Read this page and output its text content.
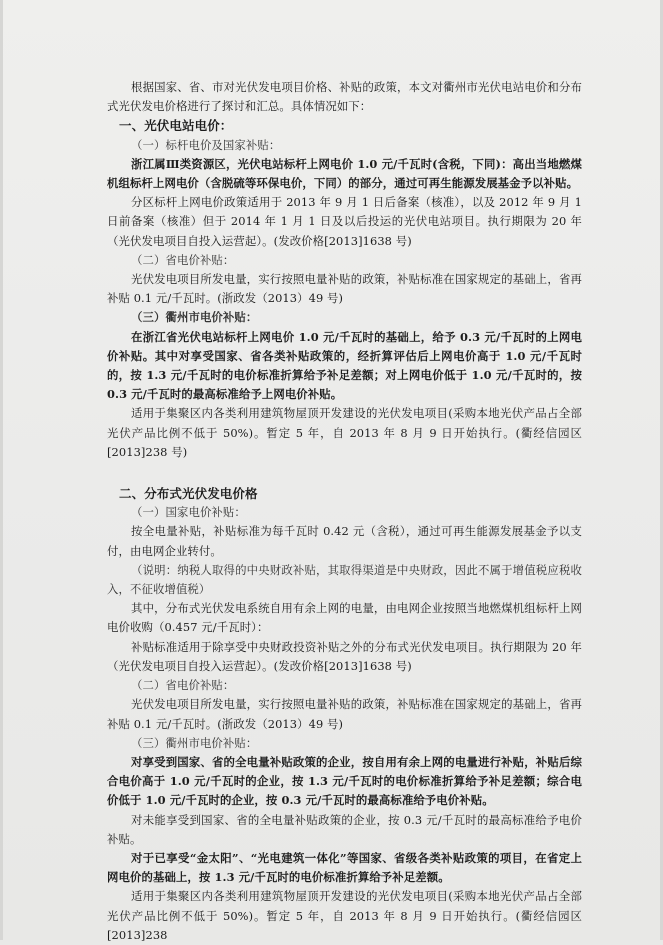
根据国家、省、市对光伏发电项目价格、补贴的政策，本文对衢州市光伏电站电价和分布式光伏发电价格进行了探讨和汇总。具体情况如下：

一、光伏电站电价：

（一）标杆电价及国家补贴：

浙江属Ⅲ类资源区，光伏电站标杆上网电价 1.0 元/千瓦时(含税，下同)：高出当地燃煤机组标杆上网电价（含脱硫等环保电价，下同）的部分，通过可再生能源发展基金予以补贴。

分区标杆上网电价政策适用于 2013 年 9 月 1 日后备案（核准），以及 2012 年 9 月 1 日前备案（核准）但于 2014 年 1 月 1 日及以后投运的光伏电站项目。执行期限为 20 年（光伏发电项目自投入运营起）。(发改价格[2013]1638 号)

（二）省电价补贴：

光伏发电项目所发电量，实行按照电量补贴的政策，补贴标准在国家规定的基础上，省再补贴 0.1 元/千瓦时。(浙政发（2013）49 号)

（三）衢州市电价补贴：

在浙江省光伏电站标杆上网电价 1.0 元/千瓦时的基础上，给予 0.3 元/千瓦时的上网电价补贴。其中对享受国家、省各类补贴政策的，经折算评估后上网电价高于 1.0 元/千瓦时的，按 1.3 元/千瓦时的电价标准折算给予补足差额；对上网电价低于 1.0 元/千瓦时的，按 0.3 元/千瓦时的最高标准给予上网电价补贴。

适用于集聚区内各类利用建筑物屋顶开发建设的光伏发电项目(采购本地光伏产品占全部光伏产品比例不低于 50%)。暂定 5 年，自 2013 年 8 月 9 日开始执行。(衢经信园区[2013]238 号)

二、分布式光伏发电价格

（一）国家电价补贴：

按全电量补贴，补贴标准为每千瓦时 0.42 元（含税），通过可再生能源发展基金予以支付，由电网企业转付。

（说明：纳税人取得的中央财政补贴，其取得渠道是中央财政，因此不属于增值税应税收入，不征收增值税）

其中，分布式光伏发电系统自用有余上网的电量，由电网企业按照当地燃煤机组标杆上网电价收购（0.457 元/千瓦时）：

补贴标准适用于除享受中央财政投资补贴之外的分布式光伏发电项目。执行期限为 20 年（光伏发电项目自投入运营起）。(发改价格[2013]1638 号)

（二）省电价补贴：

光伏发电项目所发电量，实行按照电量补贴的政策，补贴标准在国家规定的基础上，省再补贴 0.1 元/千瓦时。(浙政发（2013）49 号)

（三）衢州市电价补贴：

对享受到国家、省的全电量补贴政策的企业，按自用有余上网的电量进行补贴，补贴后综合电价高于 1.0 元/千瓦时的企业，按 1.3 元/千瓦时的电价标准折算给予补足差额；综合电价低于 1.0 元/千瓦时的企业，按 0.3 元/千瓦时的最高标准给予电价补贴。

对未能享受到国家、省的全电量补贴政策的企业，按 0.3 元/千瓦时的最高标准给予电价补贴。

对于已享受“金太阳”、“光电建筑一体化”等国家、省级各类补贴政策的项目，在省定上网电价的基础上，按 1.3 元/千瓦时的电价标准折算给予补足差额。

适用于集聚区内各类利用建筑物屋顶开发建设的光伏发电项目(采购本地光伏产品占全部光伏产品比例不低于 50%)。暂定 5 年，自 2013 年 8 月 9 日开始执行。(衢经信园区[2013]238
